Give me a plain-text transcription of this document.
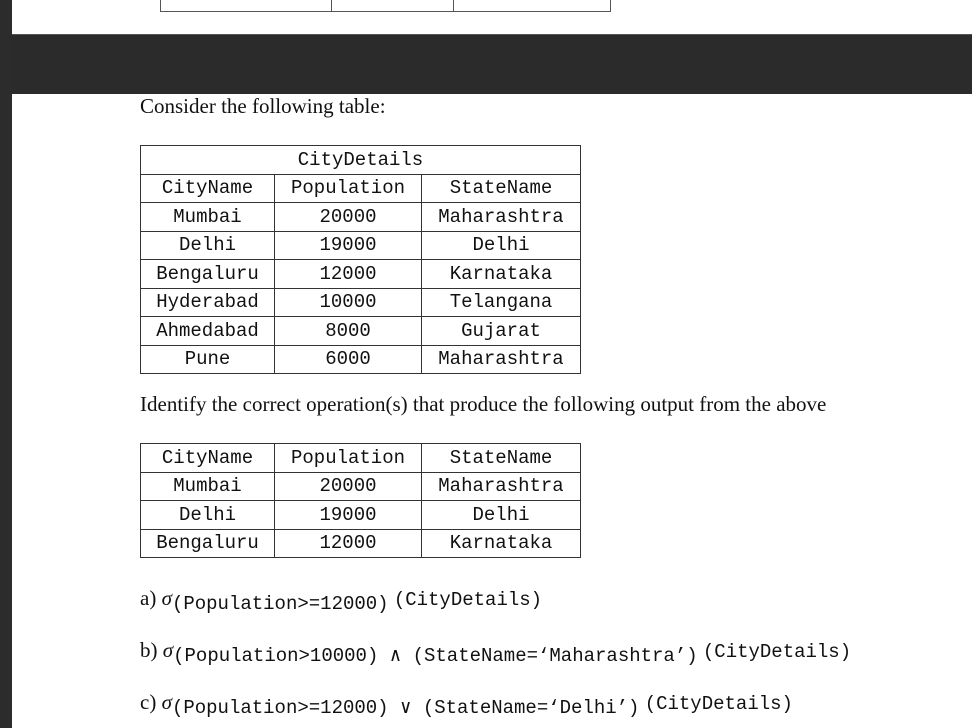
Consider the following table:
CityDetails		
CityName	Population	StateName
Mumbai	20000	Maharashtra
Delhi	19000	Delhi
Bengaluru	12000	Karnataka
Hyderabad	10000	Telangana
Ahmedabad	8000	Gujarat
Pune	6000	Maharashtra
Identify the correct operation(s) that produce the following output from the above
CityName	Population	StateName
Mumbai	20000	Maharashtra
Delhi	19000	Delhi
Bengaluru	12000	Karnataka
a) σ(Population>=12000) (CityDetails)
b) σ(Population>10000) ∧ (StateName=‘Maharashtra’) (CityDetails)
c) σ(Population>=12000) ∨ (StateName=‘Delhi’) (CityDetails)
